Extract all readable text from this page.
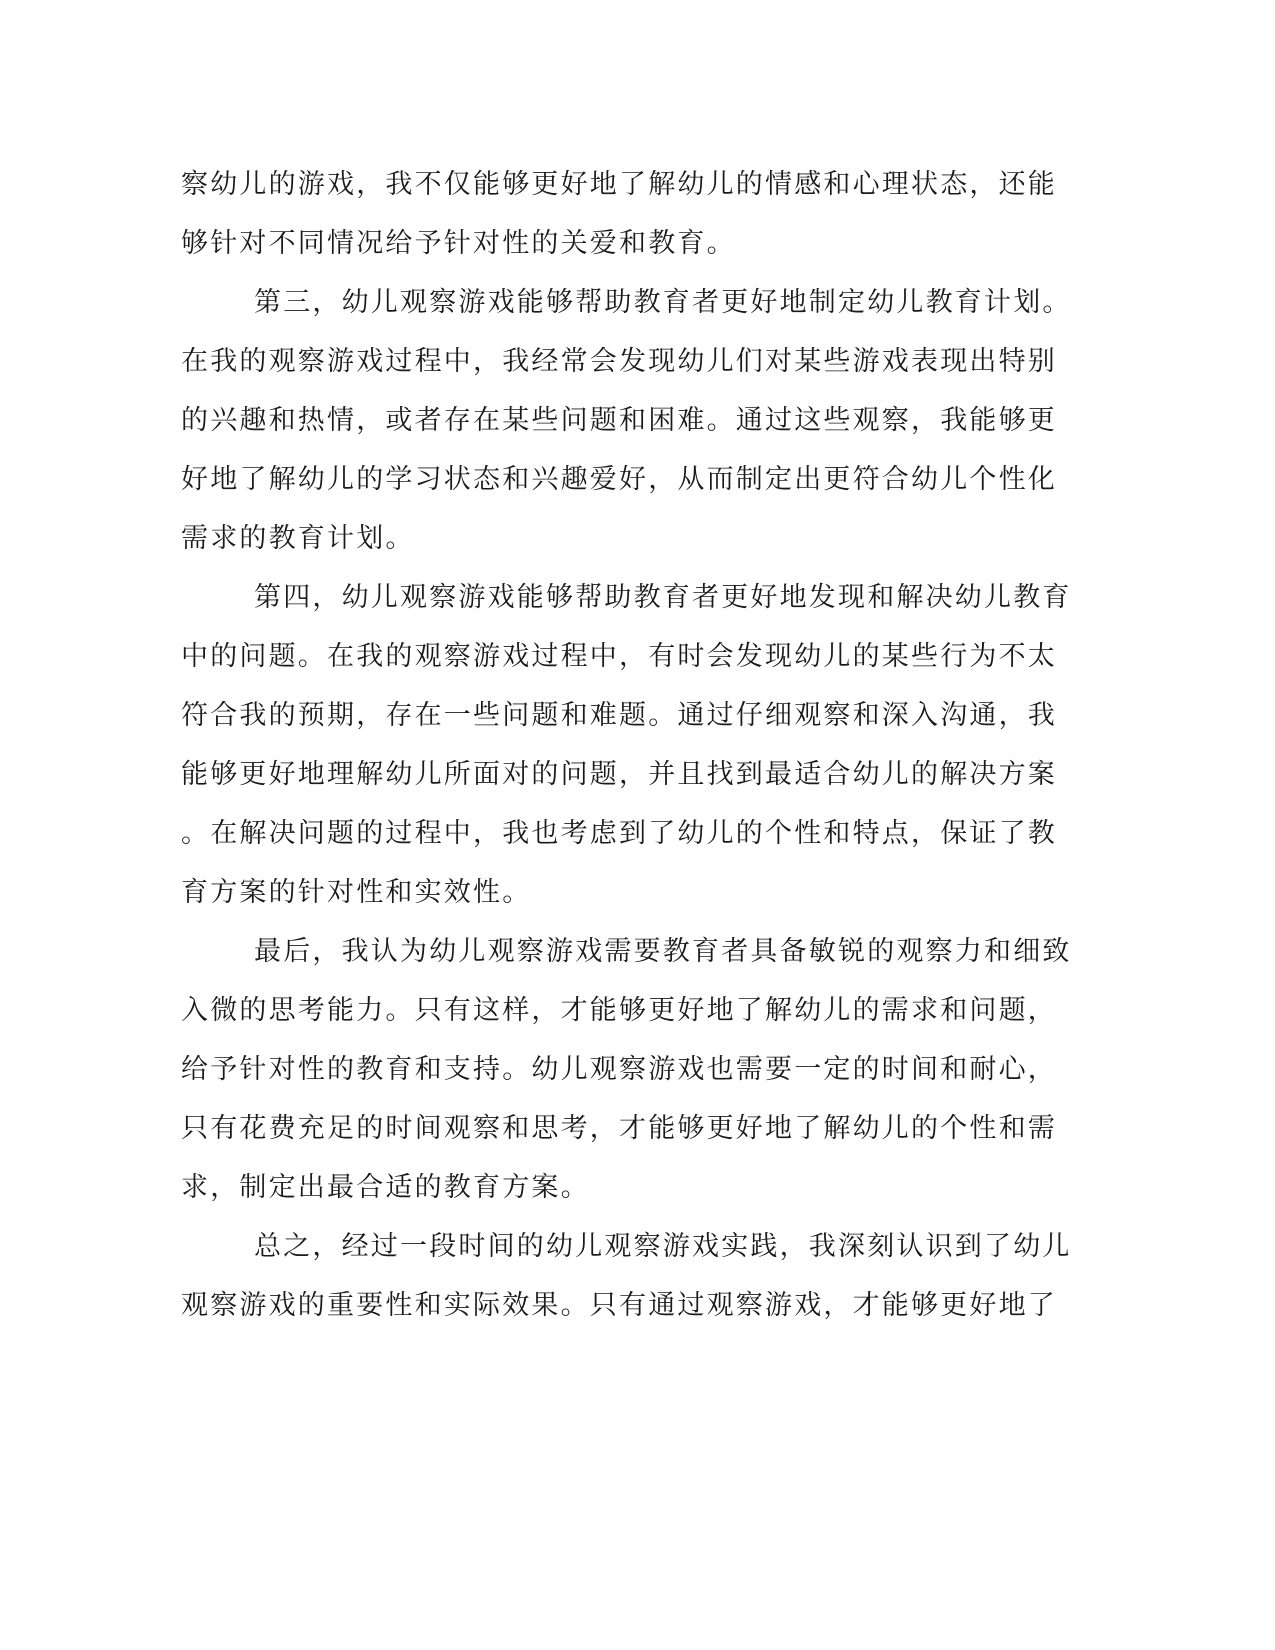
察幼儿的游戏，我不仅能够更好地了解幼儿的情感和心理状态，还能
够针对不同情况给予针对性的关爱和教育。
第三，幼儿观察游戏能够帮助教育者更好地制定幼儿教育计划。
在我的观察游戏过程中，我经常会发现幼儿们对某些游戏表现出特别
的兴趣和热情，或者存在某些问题和困难。通过这些观察，我能够更
好地了解幼儿的学习状态和兴趣爱好，从而制定出更符合幼儿个性化
需求的教育计划。
第四，幼儿观察游戏能够帮助教育者更好地发现和解决幼儿教育
中的问题。在我的观察游戏过程中，有时会发现幼儿的某些行为不太
符合我的预期，存在一些问题和难题。通过仔细观察和深入沟通，我
能够更好地理解幼儿所面对的问题，并且找到最适合幼儿的解决方案
。在解决问题的过程中，我也考虑到了幼儿的个性和特点，保证了教
育方案的针对性和实效性。
最后，我认为幼儿观察游戏需要教育者具备敏锐的观察力和细致
入微的思考能力。只有这样，才能够更好地了解幼儿的需求和问题，
给予针对性的教育和支持。幼儿观察游戏也需要一定的时间和耐心，
只有花费充足的时间观察和思考，才能够更好地了解幼儿的个性和需
求，制定出最合适的教育方案。
总之，经过一段时间的幼儿观察游戏实践，我深刻认识到了幼儿
观察游戏的重要性和实际效果。只有通过观察游戏，才能够更好地了
